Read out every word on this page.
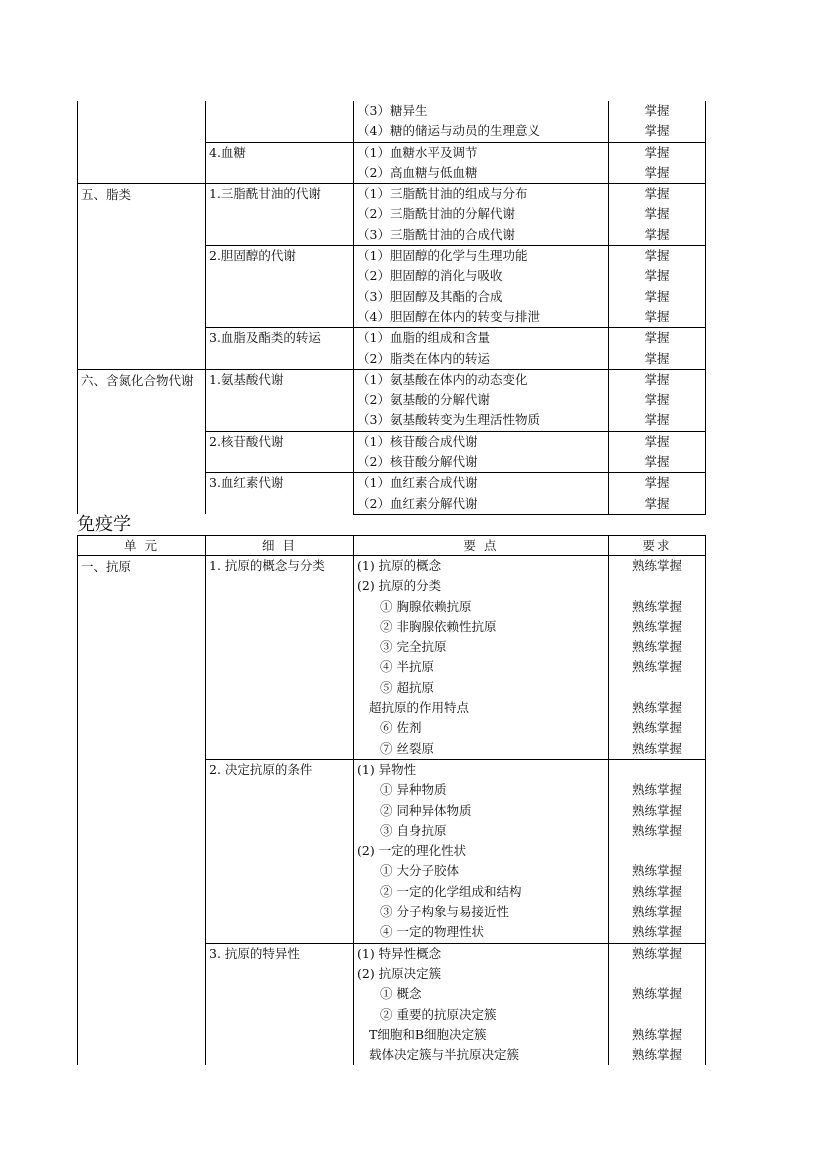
		（3）糖异生	掌握
		（4）糖的储运与动员的生理意义	掌握
	4.血糖	（1）血糖水平及调节	掌握
		（2）高血糖与低血糖	掌握
五、脂类	1.三脂酰甘油的代谢	（1）三脂酰甘油的组成与分布	掌握
		（2）三脂酰甘油的分解代谢	掌握
		（3）三脂酰甘油的合成代谢	掌握
	2.胆固醇的代谢	（1）胆固醇的化学与生理功能	掌握
		（2）胆固醇的消化与吸收	掌握
		（3）胆固醇及其酯的合成	掌握
		（4）胆固醇在体内的转变与排泄	掌握
	3.血脂及酯类的转运	（1）血脂的组成和含量	掌握
		（2）脂类在体内的转运	掌握
六、含氮化合物代谢	1.氨基酸代谢	（1）氨基酸在体内的动态变化	掌握
		（2）氨基酸的分解代谢	掌握
		（3）氨基酸转变为生理活性物质	掌握
	2.核苷酸代谢	（1）核苷酸合成代谢	掌握
		（2）核苷酸分解代谢	掌握
	3.血红素代谢	（1）血红素合成代谢	掌握
		（2）血红素分解代谢	掌握
免疫学
单 元	细 目	要 点	要求
一、抗原	1. 抗原的概念与分类	(1) 抗原的概念	熟练掌握
		(2) 抗原的分类	
		① 胸腺依赖抗原	熟练掌握
		② 非胸腺依赖性抗原	熟练掌握
		③ 完全抗原	熟练掌握
		④ 半抗原	熟练掌握
		⑤ 超抗原	
		超抗原的作用特点	熟练掌握
		⑥ 佐剂	熟练掌握
		⑦ 丝裂原	熟练掌握
	2. 决定抗原的条件	(1) 异物性	
		① 异种物质	熟练掌握
		② 同种异体物质	熟练掌握
		③ 自身抗原	熟练掌握
		(2) 一定的理化性状	
		① 大分子胶体	熟练掌握
		② 一定的化学组成和结构	熟练掌握
		③ 分子构象与易接近性	熟练掌握
		④ 一定的物理性状	熟练掌握
	3. 抗原的特异性	(1) 特异性概念	熟练掌握
		(2) 抗原决定簇	
		① 概念	熟练掌握
		② 重要的抗原决定簇	
		T细胞和B细胞决定簇	熟练掌握
		载体决定簇与半抗原决定簇	熟练掌握
